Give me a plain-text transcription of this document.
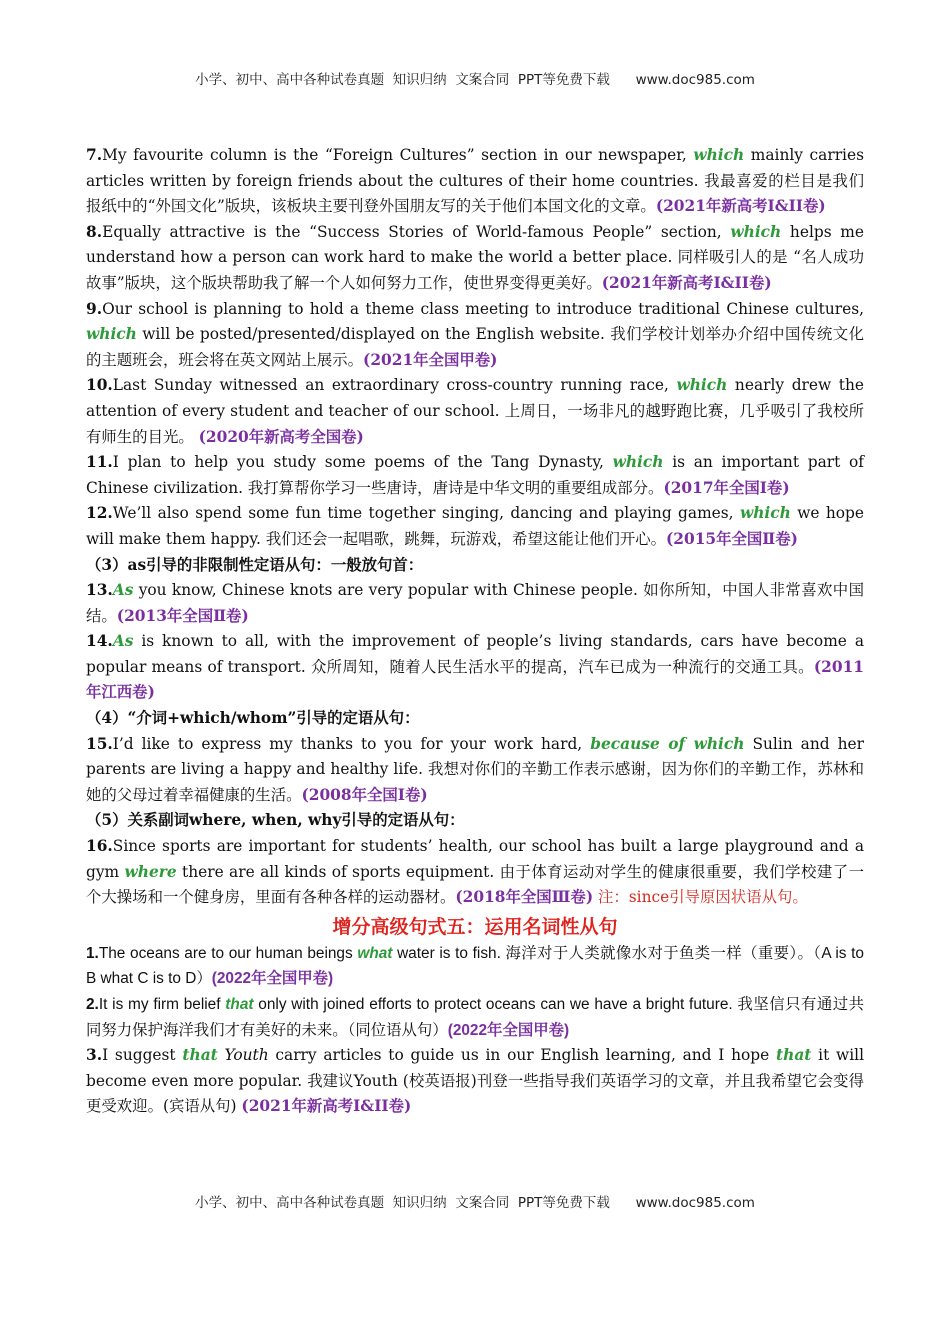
小学、初中、高中各种试卷真题  知识归纳  文案合同  PPT等免费下载      www.doc985.com

7.My favourite column is the “Foreign Cultures” section in our newspaper, which mainly carries articles written by foreign friends about the cultures of their home countries. 我最喜爱的栏目是我们报纸中的“外国文化”版块，该板块主要刊登外国朋友写的关于他们本国文化的文章。(2021年新高考Ⅰ&II卷)

8.Equally attractive is the “Success Stories of World-famous People” section, which helps me understand how a person can work hard to make the world a better place. 同样吸引人的是 “名人成功故事”版块，这个版块帮助我了解一个人如何努力工作，使世界变得更美好。(2021年新高考Ⅰ&II卷)

9.Our school is planning to hold a theme class meeting to introduce traditional Chinese cultures, which will be posted/presented/displayed on the English website. 我们学校计划举办介绍中国传统文化的主题班会，班会将在英文网站上展示。(2021年全国甲卷)

10.Last Sunday witnessed an extraordinary cross-country running race, which nearly drew the attention of every student and teacher of our school. 上周日，一场非凡的越野跑比赛，几乎吸引了我校所有师生的目光。 (2020年新高考全国卷)

11.I plan to help you study some poems of the Tang Dynasty, which is an important part of Chinese civilization. 我打算帮你学习一些唐诗，唐诗是中华文明的重要组成部分。(2017年全国Ⅰ卷)

12.We’ll also spend some fun time together singing, dancing and playing games, which we hope will make them happy. 我们还会一起唱歌，跳舞，玩游戏，希望这能让他们开心。(2015年全国Ⅱ卷)

（3）as引导的非限制性定语从句：一般放句首：

13.As you know, Chinese knots are very popular with Chinese people. 如你所知，中国人非常喜欢中国结。(2013年全国Ⅱ卷)

14.As is known to all, with the improvement of people’s living standards, cars have become a popular means of transport. 众所周知，随着人民生活水平的提高，汽车已成为一种流行的交通工具。(2011年江西卷)

（4）“介词+which/whom”引导的定语从句：

15.I’d like to express my thanks to you for your work hard, because of which Sulin and her parents are living a happy and healthy life. 我想对你们的辛勤工作表示感谢，因为你们的辛勤工作，苏林和她的父母过着幸福健康的生活。(2008年全国Ⅰ卷)

（5）关系副词where, when, why引导的定语从句：

16.Since sports are important for students’ health, our school has built a large playground and a gym where there are all kinds of sports equipment. 由于体育运动对学生的健康很重要，我们学校建了一个大操场和一个健身房，里面有各种各样的运动器材。(2018年全国Ⅲ卷) 注：since引导原因状语从句。

增分高级句式五：运用名词性从句

1.The oceans are to our human beings what water is to fish. 海洋对于人类就像水对于鱼类一样（重要）。（A is to B what C is to D）(2022年全国甲卷)

2.It is my firm belief that only with joined efforts to protect oceans can we have a bright future. 我坚信只有通过共同努力保护海洋我们才有美好的未来。（同位语从句）(2022年全国甲卷)

3.I suggest that Youth carry articles to guide us in our English learning, and I hope that it will become even more popular. 我建议Youth (校英语报)刊登一些指导我们英语学习的文章，并且我希望它会变得更受欢迎。(宾语从句) (2021年新高考Ⅰ&II卷)

小学、初中、高中各种试卷真题  知识归纳  文案合同  PPT等免费下载      www.doc985.com
